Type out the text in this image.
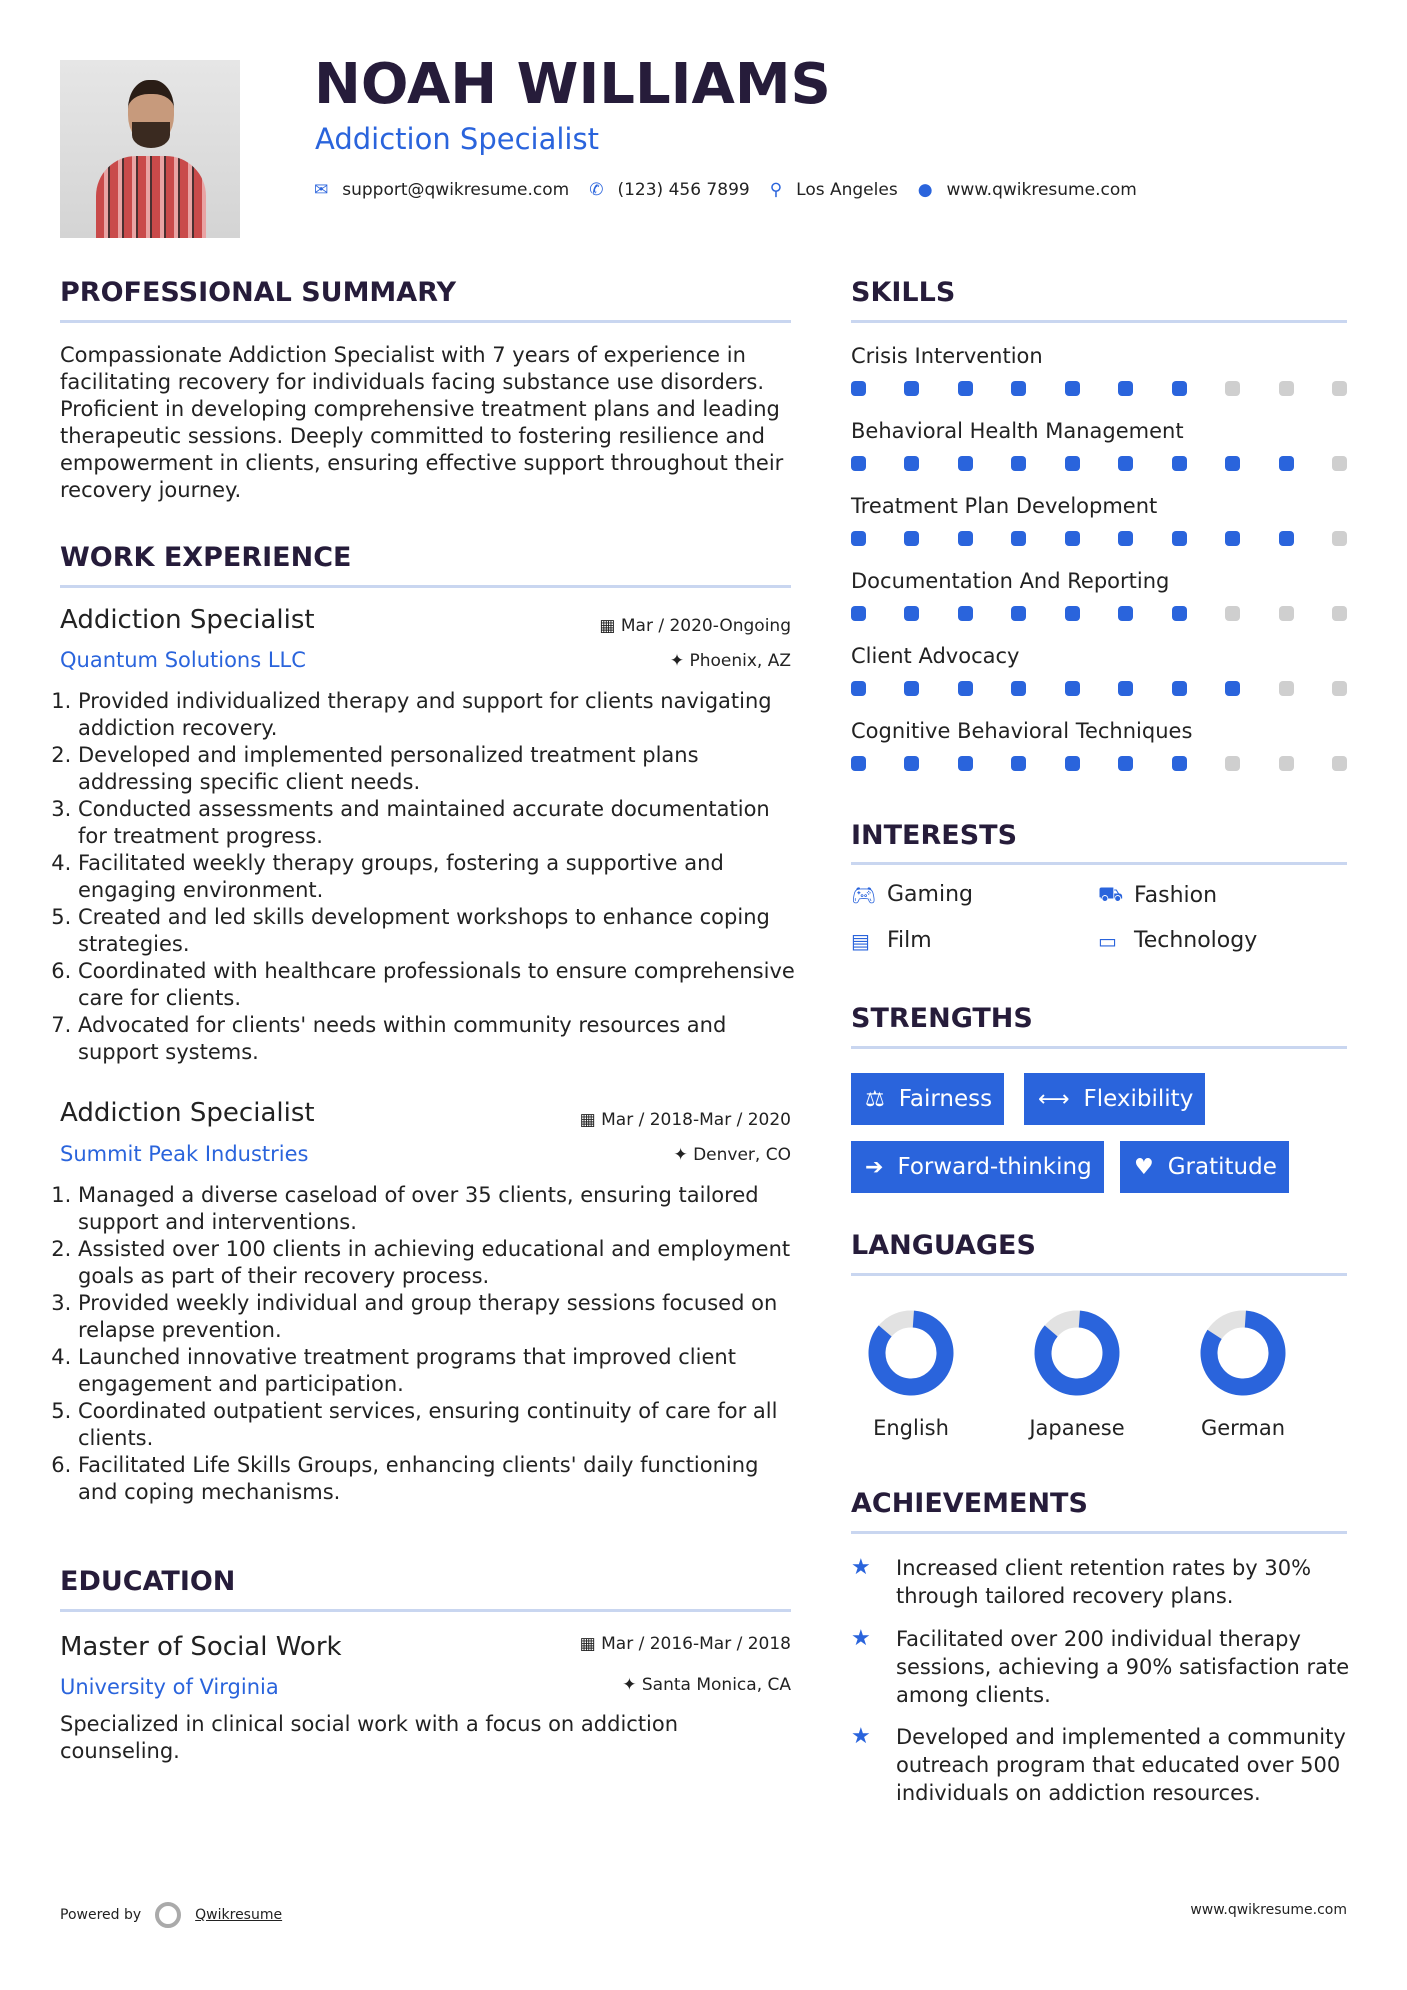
NOAH WILLIAMS
Addiction Specialist
✉ support@qwikresume.com ✆ (123) 456 7899 ⚲ Los Angeles ● www.qwikresume.com
PROFESSIONAL SUMMARY
Compassionate Addiction Specialist with 7 years of experience in facilitating recovery for individuals facing substance use disorders. Proficient in developing comprehensive treatment plans and leading therapeutic sessions. Deeply committed to fostering resilience and empowerment in clients, ensuring effective support throughout their recovery journey.
WORK EXPERIENCE
Addiction Specialist	▦ Mar / 2020-Ongoing
Quantum Solutions LLC	✦ Phoenix, AZ
1. Provided individualized therapy and support for clients navigating addiction recovery.
2. Developed and implemented personalized treatment plans addressing specific client needs.
3. Conducted assessments and maintained accurate documentation for treatment progress.
4. Facilitated weekly therapy groups, fostering a supportive and engaging environment.
5. Created and led skills development workshops to enhance coping strategies.
6. Coordinated with healthcare professionals to ensure comprehensive care for clients.
7. Advocated for clients' needs within community resources and support systems.
Addiction Specialist	▦ Mar / 2018-Mar / 2020
Summit Peak Industries	✦ Denver, CO
1. Managed a diverse caseload of over 35 clients, ensuring tailored support and interventions.
2. Assisted over 100 clients in achieving educational and employment goals as part of their recovery process.
3. Provided weekly individual and group therapy sessions focused on relapse prevention.
4. Launched innovative treatment programs that improved client engagement and participation.
5. Coordinated outpatient services, ensuring continuity of care for all clients.
6. Facilitated Life Skills Groups, enhancing clients' daily functioning and coping mechanisms.
EDUCATION
Master of Social Work	▦ Mar / 2016-Mar / 2018
University of Virginia	✦ Santa Monica, CA
Specialized in clinical social work with a focus on addiction counseling.
SKILLS
Crisis Intervention
Behavioral Health Management
Treatment Plan Development
Documentation And Reporting
Client Advocacy
Cognitive Behavioral Techniques
INTERESTS
🎮︎ Gaming	⛟ Fashion
▤ Film	▭ Technology
STRENGTHS
⚖ Fairness ⟷ Flexibility
➔ Forward-thinking ♥ Gratitude
LANGUAGES
English	Japanese	German
ACHIEVEMENTS
★	Increased client retention rates by 30% through tailored recovery plans.
★	Facilitated over 200 individual therapy sessions, achieving a 90% satisfaction rate among clients.
★	Developed and implemented a community outreach program that educated over 500 individuals on addiction resources.
Powered by	Qwikresume	www.qwikresume.com
